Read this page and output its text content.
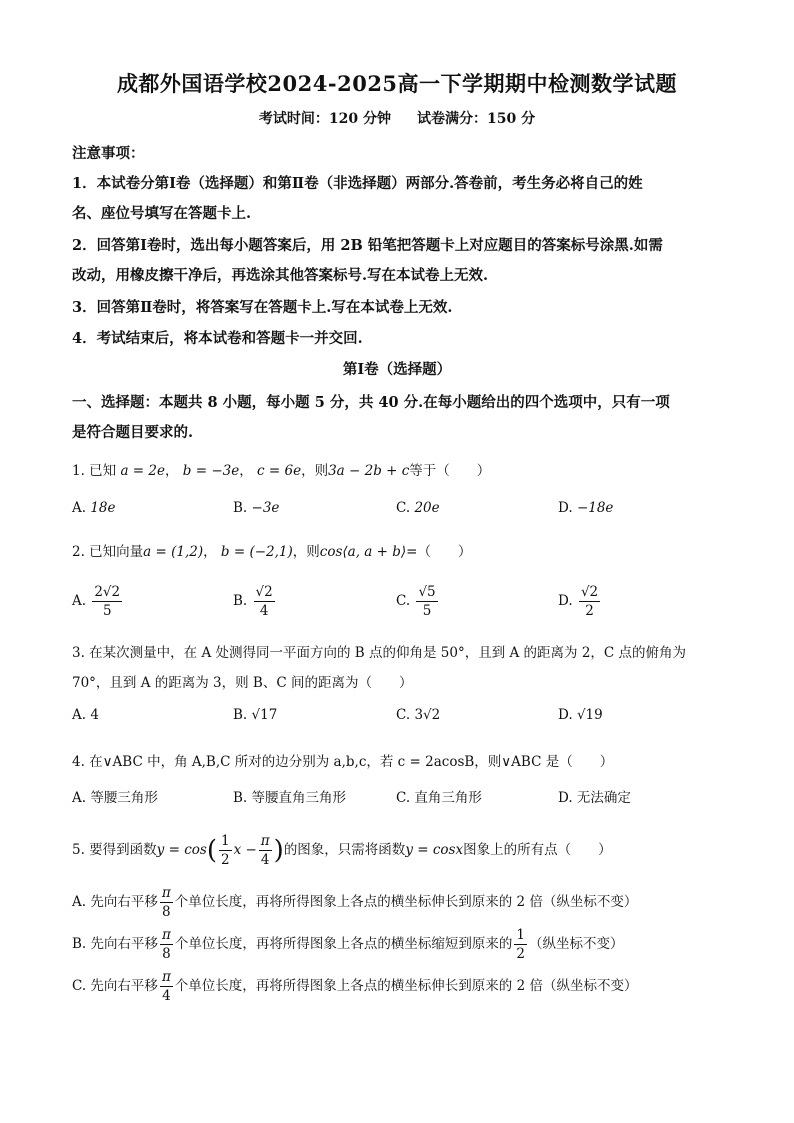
成都外国语学校2024-2025高一下学期期中检测数学试题
考试时间：120 分钟 试卷满分：150 分
注意事项：
1．本试卷分第Ⅰ卷（选择题）和第Ⅱ卷（非选择题）两部分.答卷前，考生务必将自己的姓
名、座位号填写在答题卡上.
2．回答第Ⅰ卷时，选出每小题答案后，用 2B 铅笔把答题卡上对应题目的答案标号涂黑.如需
改动，用橡皮擦干净后，再选涂其他答案标号.写在本试卷上无效.
3．回答第Ⅱ卷时，将答案写在答题卡上.写在本试卷上无效.
4．考试结束后，将本试卷和答题卡一并交回.
第Ⅰ卷（选择题）
一、选择题：本题共 8 小题，每小题 5 分，共 40 分.在每小题给出的四个选项中，只有一项
是符合题目要求的.
1. 已知 a = 2e， b = −3e， c = 6e，则3a − 2b + c等于（　　）
A. 18e	B. −3e	C. 20e	D. −18e
2. 已知向量a = (1,2)， b = (−2,1)，则cos⟨a, a + b⟩=（　　）
A. $\frac{2√2}{5}$	B. $\frac{√2}{4}$	C. $\frac{√5}{5}$	D. $\frac{√2}{2}$
3. 在某次测量中，在 A 处测得同一平面方向的 B 点的仰角是 50°，且到 A 的距离为 2，C 点的俯角为
70°，且到 A 的距离为 3，则 B、C 间的距离为（　　）
A. 4	B. √17	C. 3√2	D. √19
4. 在∨ABC 中，角 A,B,C 所对的边分别为 a,b,c，若 c = 2acosB，则∨ABC 是（　　）
A. 等腰三角形	B. 等腰直角三角形	C. 直角三角形	D. 无法确定
5. 要得到函数$y = \cos( \frac{1}{2}$ $x - \frac{\pi}{4}$ )的图象，只需将函数y = cosx图象上的所有点（　　）
A. 先向右平移 $\frac{\pi}{8}$ 个单位长度，再将所得图象上各点的横坐标伸长到原来的 2 倍（纵坐标不变）
B. 先向右平移 $\frac{\pi}{8}$ 个单位长度，再将所得图象上各点的横坐标缩短到原来的 $\frac{1}{2}$ （纵坐标不变）
C. 先向右平移 $\frac{\pi}{4}$ 个单位长度，再将所得图象上各点的横坐标伸长到原来的 2 倍（纵坐标不变）
